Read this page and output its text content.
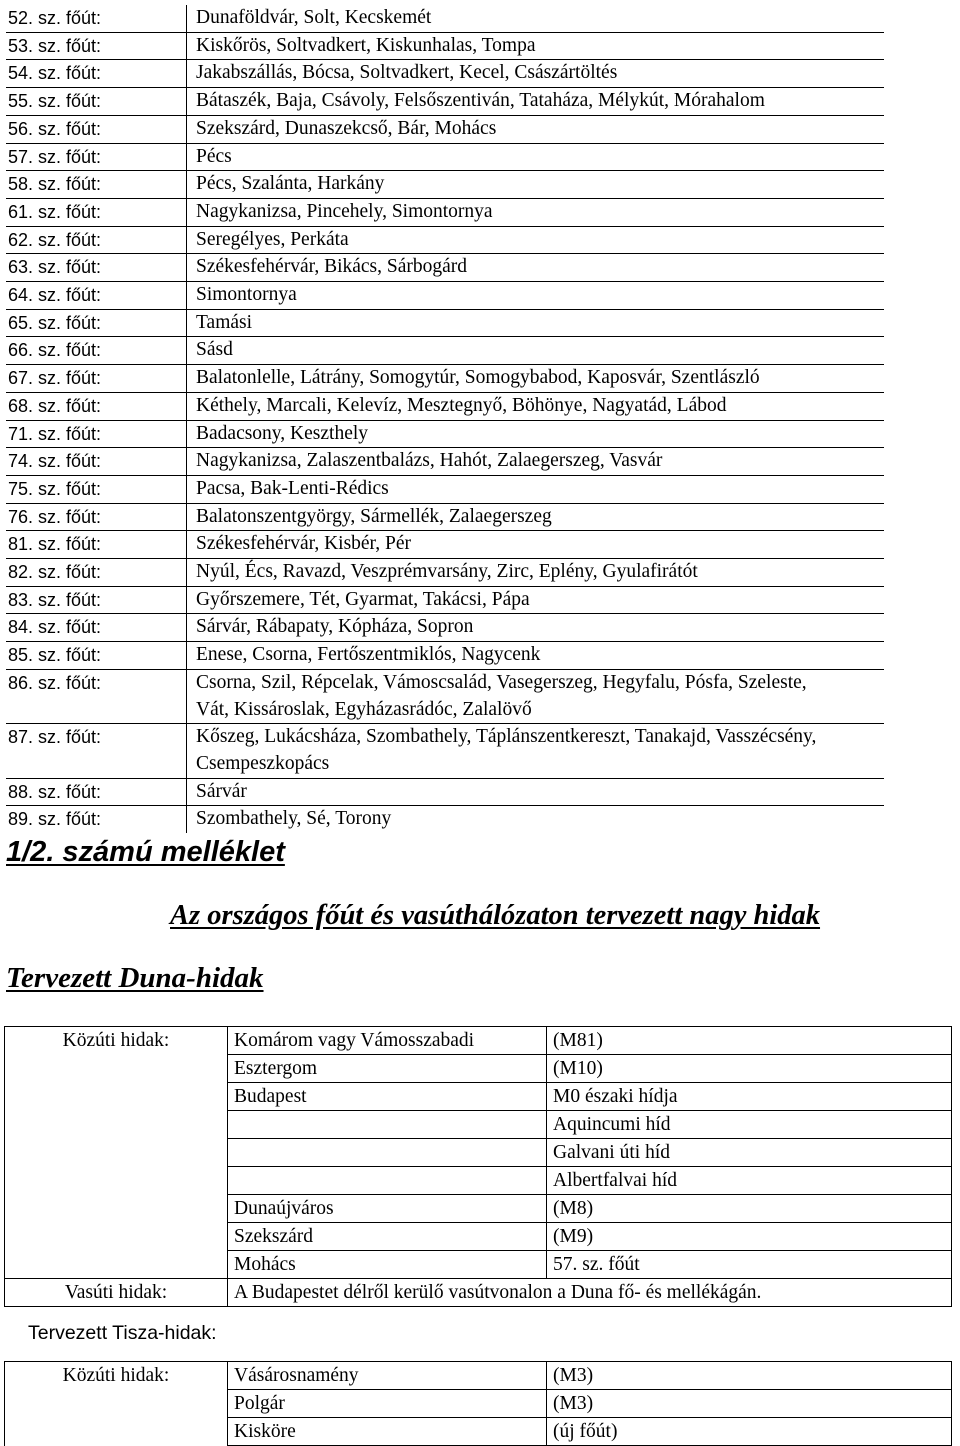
52. sz. főút:	Dunaföldvár, Solt, Kecskemét
53. sz. főút:	Kiskőrös, Soltvadkert, Kiskunhalas, Tompa
54. sz. főút:	Jakabszállás, Bócsa, Soltvadkert, Kecel, Császártöltés
55. sz. főút:	Bátaszék, Baja, Csávoly, Felsőszentiván, Tataháza, Mélykút, Mórahalom
56. sz. főút:	Szekszárd, Dunaszekcső, Bár, Mohács
57. sz. főút:	Pécs
58. sz. főút:	Pécs, Szalánta, Harkány
61. sz. főút:	Nagykanizsa, Pincehely, Simontornya
62. sz. főút:	Seregélyes, Perkáta
63. sz. főút:	Székesfehérvár, Bikács, Sárbogárd
64. sz. főút:	Simontornya
65. sz. főút:	Tamási
66. sz. főút:	Sásd
67. sz. főút:	Balatonlelle, Látrány, Somogytúr, Somogybabod, Kaposvár, Szentlászló
68. sz. főút:	Kéthely, Marcali, Kelevíz, Mesztegnyő, Böhönye, Nagyatád, Lábod
71. sz. főút:	Badacsony, Keszthely
74. sz. főút:	Nagykanizsa, Zalaszentbalázs, Hahót, Zalaegerszeg, Vasvár
75. sz. főút:	Pacsa, Bak-Lenti-Rédics
76. sz. főút:	Balatonszentgyörgy, Sármellék, Zalaegerszeg
81. sz. főút:	Székesfehérvár, Kisbér, Pér
82. sz. főút:	Nyúl, Écs, Ravazd, Veszprémvarsány, Zirc, Eplény, Gyulafirátót
83. sz. főút:	Győrszemere, Tét, Gyarmat, Takácsi, Pápa
84. sz. főút:	Sárvár, Rábapaty, Kópháza, Sopron
85. sz. főút:	Enese, Csorna, Fertőszentmiklós, Nagycenk
86. sz. főút:	Csorna, Szil, Répcelak, Vámoscsalád, Vasegerszeg, Hegyfalu, Pósfa, Szeleste,
Vát, Kissároslak, Egyházasrádóc, Zalalövő

87. sz. főút:	Kőszeg, Lukácsháza, Szombathely, Táplánszentkereszt, Tanakajd, Vasszécsény,
Csempeszkopács

88. sz. főút:	Sárvár
89. sz. főút:	Szombathely, Sé, Torony
1/2. számú melléklet
Az országos főút és vasúthálózaton tervezett nagy hidak
Tervezett Duna-hidak
Közúti hidak:	Komárom vagy Vámosszabadi	(M81)
	Esztergom	(M10)
	Budapest	M0 északi hídja
		Aquincumi híd
		Galvani úti híd
		Albertfalvai híd
	Dunaújváros	(M8)
	Szekszárd	(M9)
	Mohács	57. sz. főút
Vasúti hidak:	A Budapestet délről kerülő vasútvonalon a Duna fő- és mellékágán.	

Tervezett Tisza-hidak:

Közúti hidak:	Vásárosnamény	(M3)
	Polgár	(M3)
	Kisköre	(új főút)
